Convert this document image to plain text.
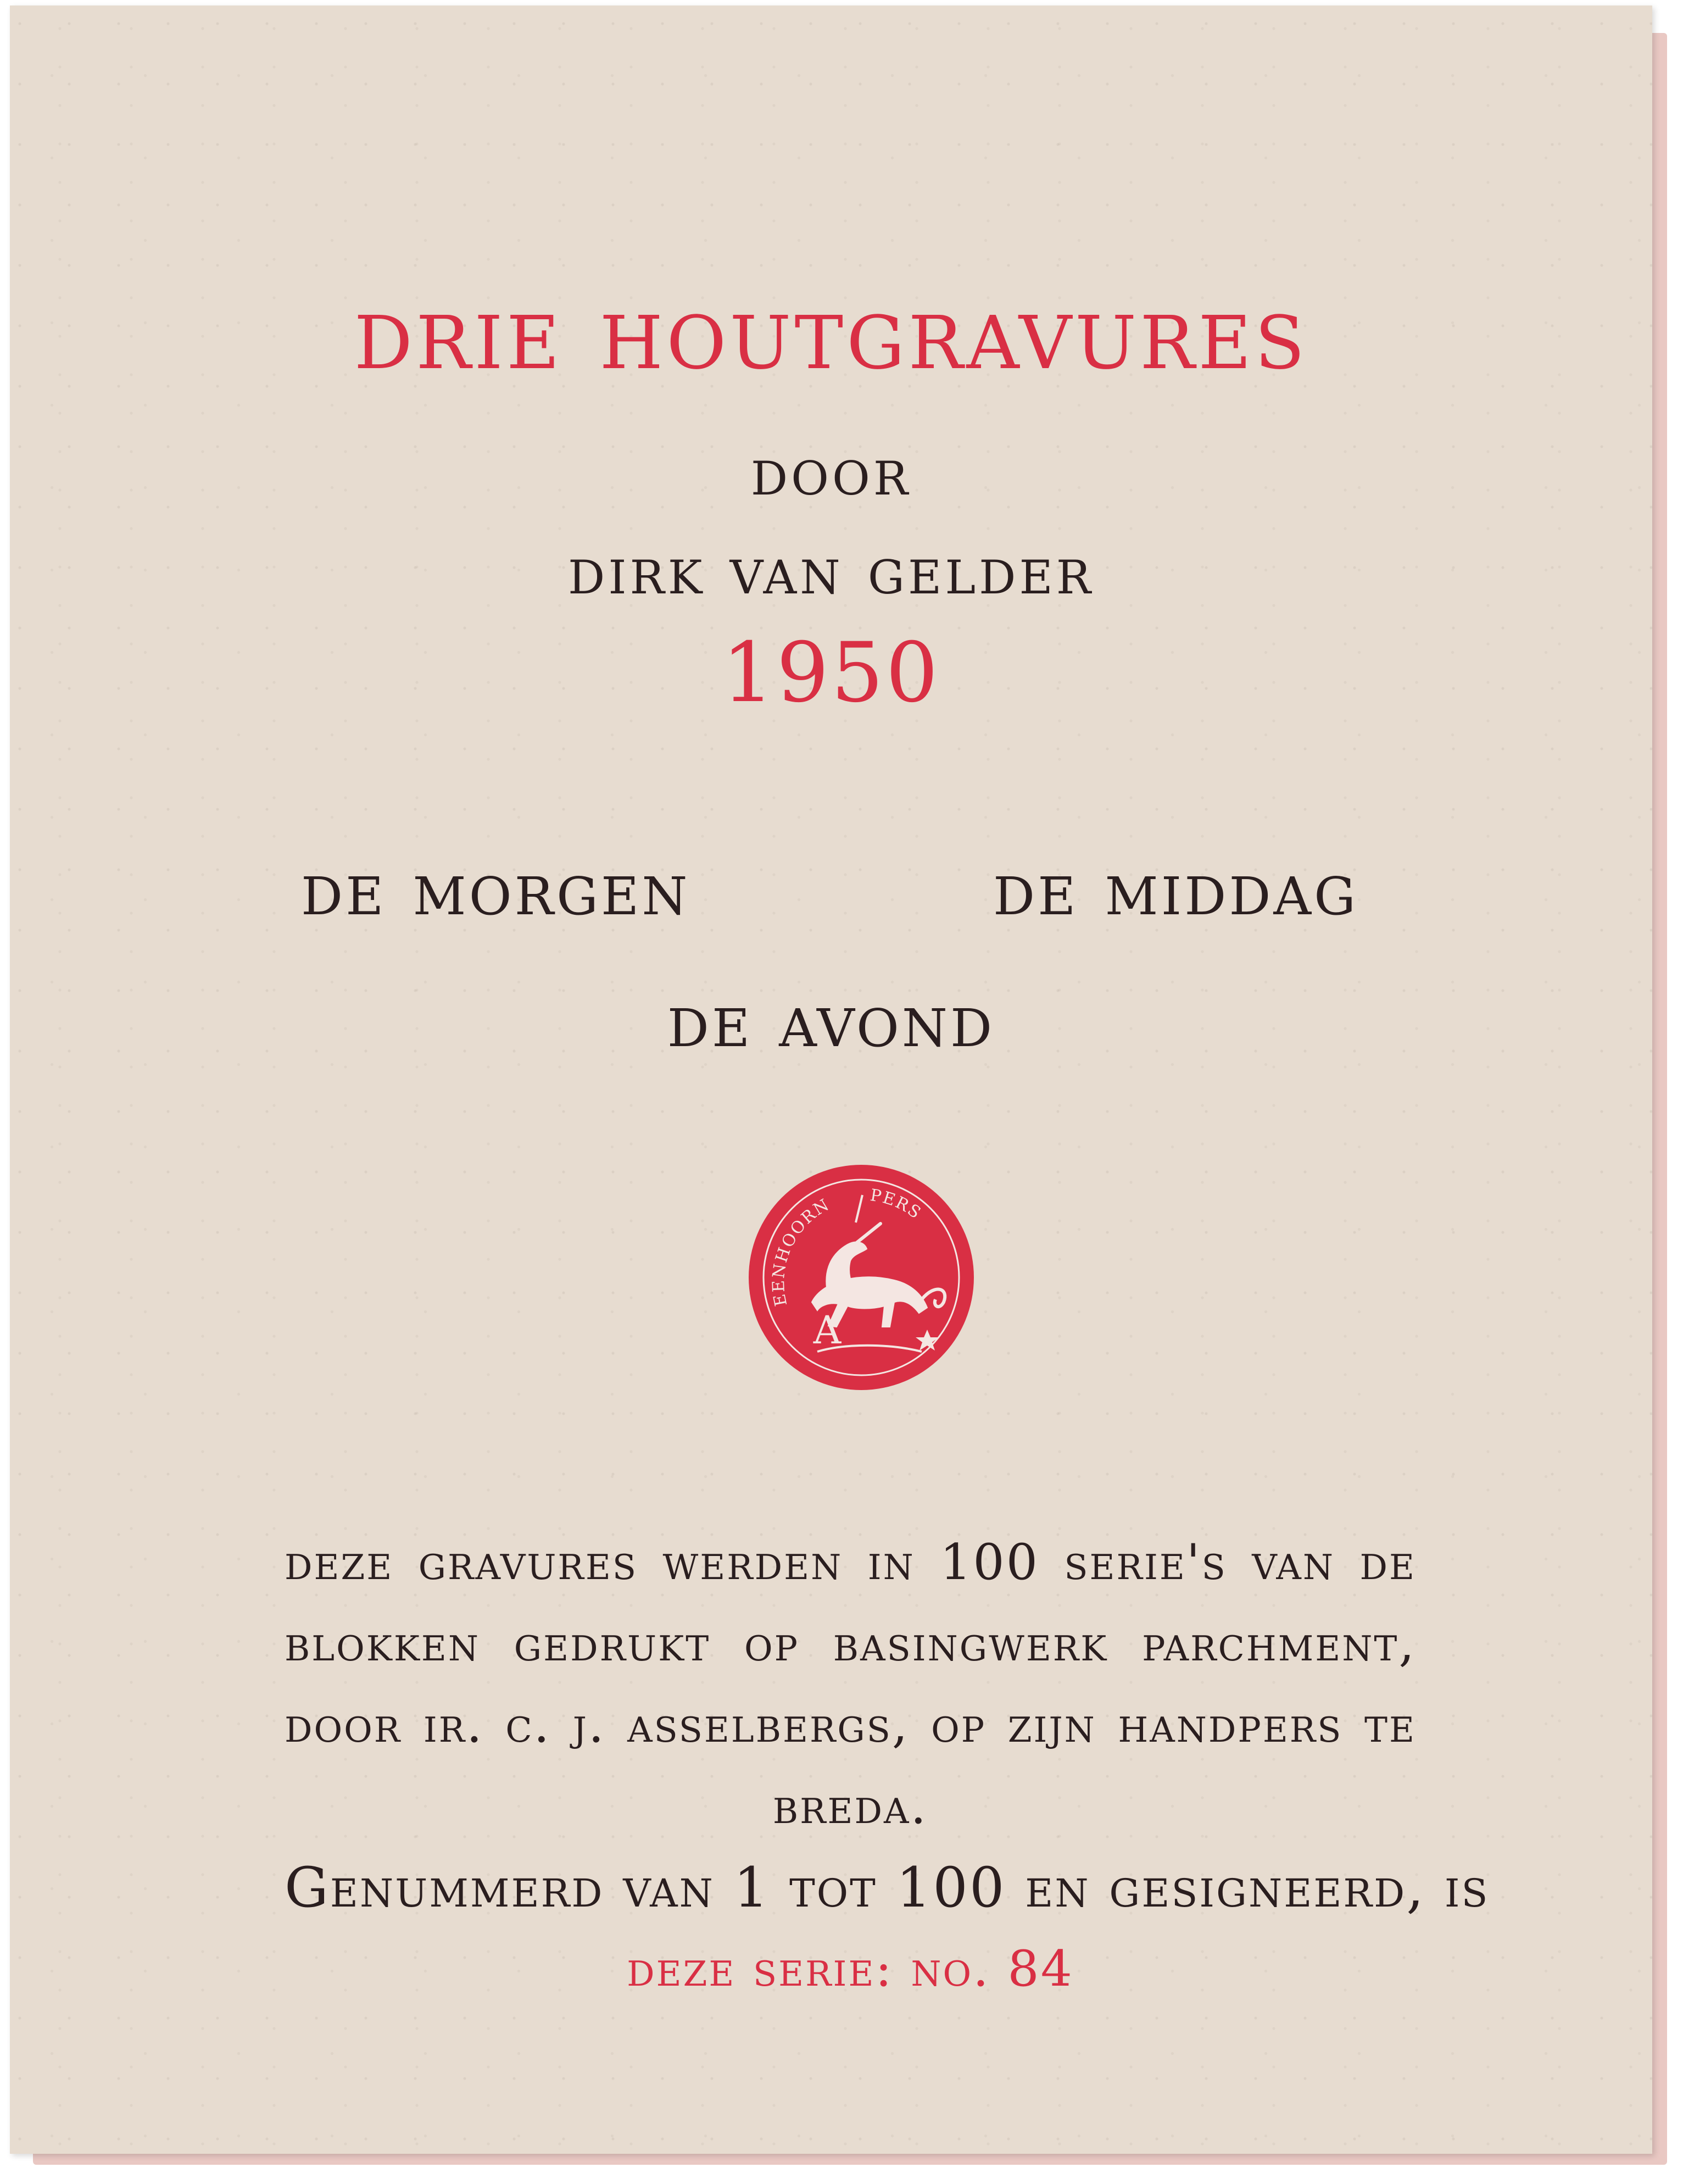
drie houtgravures
door
dirk van gelder
1950
de morgen	de middag
de avond
EENHOORN PERS
A
deze gravures werden in 100 serie's van de
blokken gedrukt op basingwerk parchment,
door ir. c. j. asselbergs, op zijn handpers te
breda.
Genummerd van 1 tot 100 en gesigneerd, is
deze serie: no. 84
